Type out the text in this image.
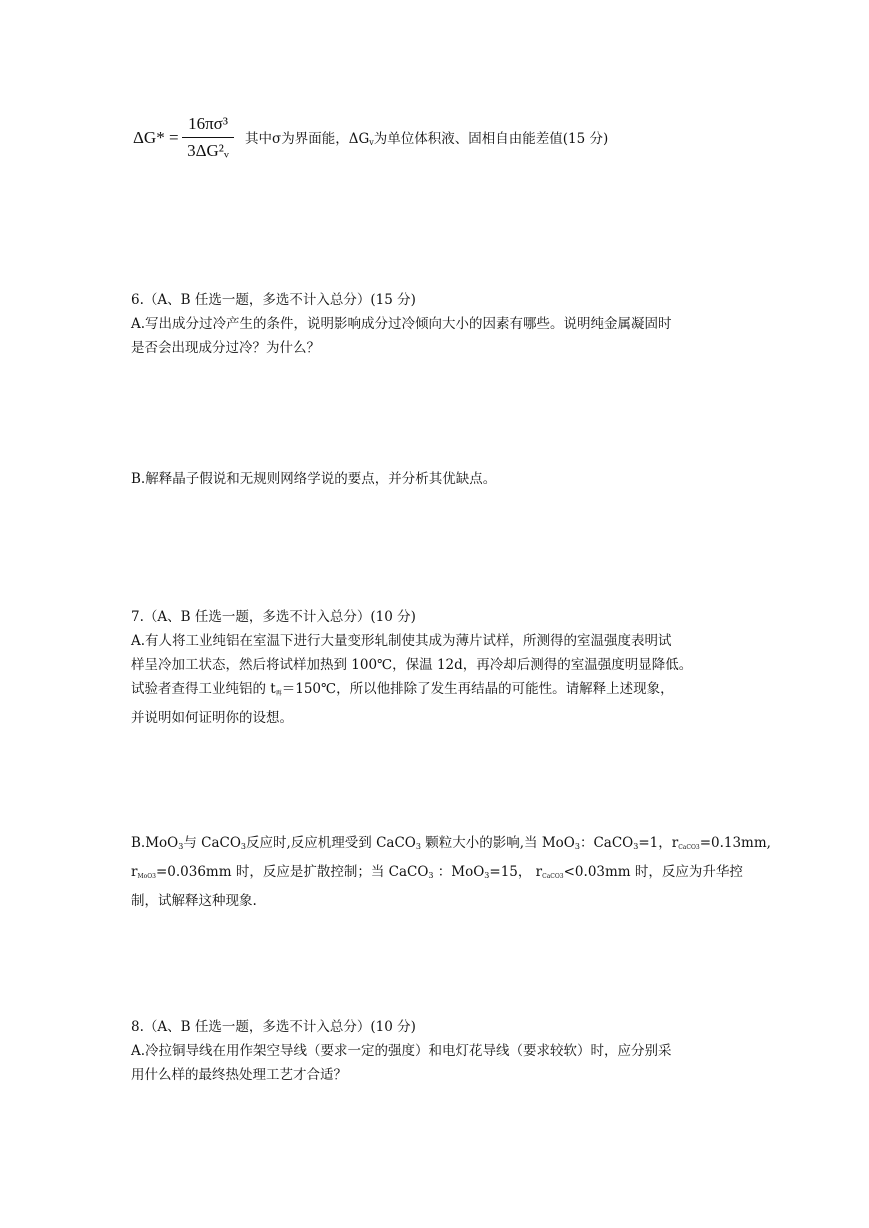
ΔG* =
16πσ³
3ΔG²ᵥ
其中σ为界面能，$\Delta G_v$为单位体积液、固相自由能差值(15 分)
6.（A、B 任选一题，多选不计入总分）(15 分)
A.写出成分过冷产生的条件，说明影响成分过冷倾向大小的因素有哪些。说明纯金属凝固时
是否会出现成分过冷？为什么？
B.解释晶子假说和无规则网络学说的要点，并分析其优缺点。
7.（A、B 任选一题，多选不计入总分）(10 分)
A.有人将工业纯铝在室温下进行大量变形轧制使其成为薄片试样，所测得的室温强度表明试
样呈冷加工状态，然后将试样加热到 100℃，保温 12d，再冷却后测得的室温强度明显降低。
试验者查得工业纯铝的 t再＝150℃，所以他排除了发生再结晶的可能性。请解释上述现象，
并说明如何证明你的设想。
B.MoO$_3$与 CaCO$_3$反应时,反应机理受到 CaCO$_3$ 颗粒大小的影响,当 MoO$_3$：CaCO$_3$=1，rCaCO3=0.13mm,
rMoO3=0.036mm 时，反应是扩散控制；当 CaCO$_3$ ：MoO$_3$=15， rCaCO3<0.03mm 时，反应为升华控
制，试解释这种现象.
8.（A、B 任选一题，多选不计入总分）(10 分)
A.冷拉铜导线在用作架空导线（要求一定的强度）和电灯花导线（要求较软）时，应分别采
用什么样的最终热处理工艺才合适？
